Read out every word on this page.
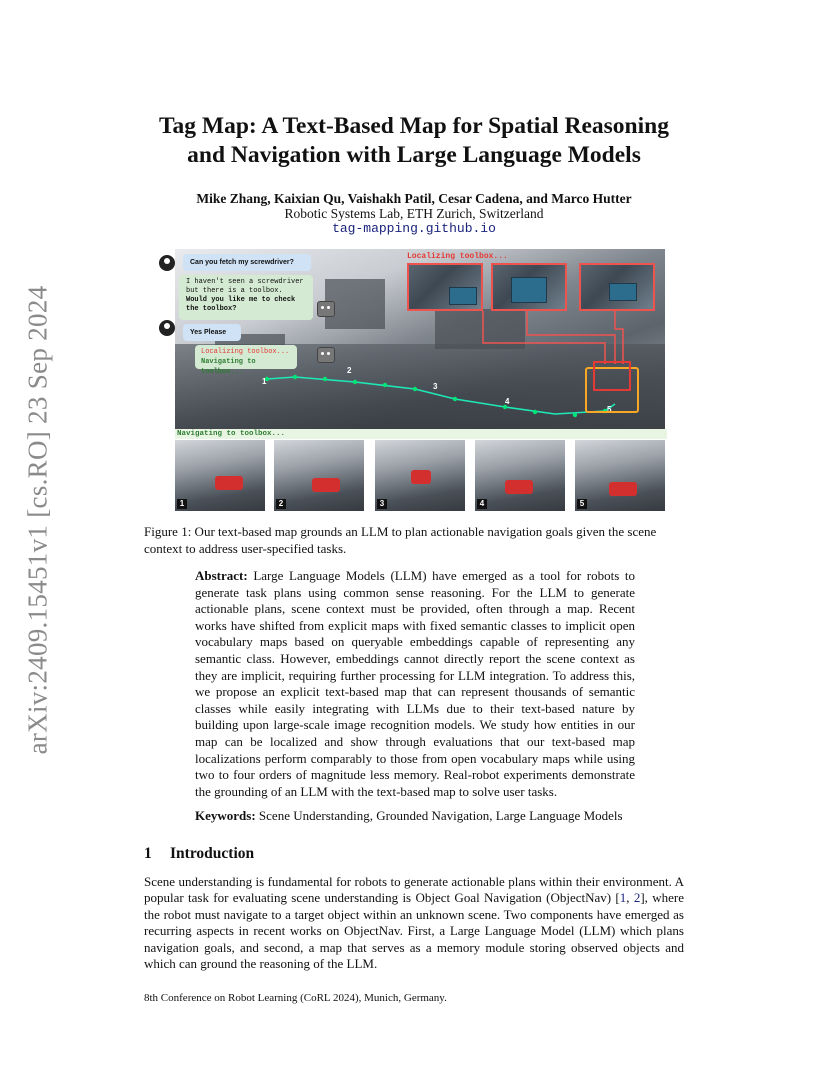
arXiv:2409.15451v1 [cs.RO] 23 Sep 2024
Tag Map: A Text-Based Map for Spatial Reasoning and Navigation with Large Language Models
Mike Zhang, Kaixian Qu, Vaishakh Patil, Cesar Cadena, and Marco Hutter
Robotic Systems Lab, ETH Zurich, Switzerland
tag-mapping.github.io
1
2
3
4
5
Localizing toolbox...
Can you fetch my screwdriver?
I haven't seen a screwdriver
but there is a toolbox.
Would you like me to check
the toolbox?
Yes Please
Localizing toolbox...
Navigating to toolbox...
Navigating to toolbox...
1	2	3	4	5
Figure 1: Our text-based map grounds an LLM to plan actionable navigation goals given the scene context to address user-specified tasks.
Abstract: Large Language Models (LLM) have emerged as a tool for robots to generate task plans using common sense reasoning. For the LLM to generate actionable plans, scene context must be provided, often through a map. Recent works have shifted from explicit maps with fixed semantic classes to implicit open vocabulary maps based on queryable embeddings capable of representing any semantic class. However, embeddings cannot directly report the scene context as they are implicit, requiring further processing for LLM integration. To address this, we propose an explicit text-based map that can represent thousands of semantic classes while easily integrating with LLMs due to their text-based nature by building upon large-scale image recognition models. We study how entities in our map can be localized and show through evaluations that our text-based map localizations perform comparably to those from open vocabulary maps while using two to four orders of magnitude less memory. Real-robot experiments demonstrate the grounding of an LLM with the text-based map to solve user tasks.
Keywords: Scene Understanding, Grounded Navigation, Large Language Models
1 Introduction
Scene understanding is fundamental for robots to generate actionable plans within their environment. A popular task for evaluating scene understanding is Object Goal Navigation (ObjectNav) [1, 2], where the robot must navigate to a target object within an unknown scene. Two components have emerged as recurring aspects in recent works on ObjectNav. First, a Large Language Model (LLM) which plans navigation goals, and second, a map that serves as a memory module storing observed objects and which can ground the reasoning of the LLM.
8th Conference on Robot Learning (CoRL 2024), Munich, Germany.
